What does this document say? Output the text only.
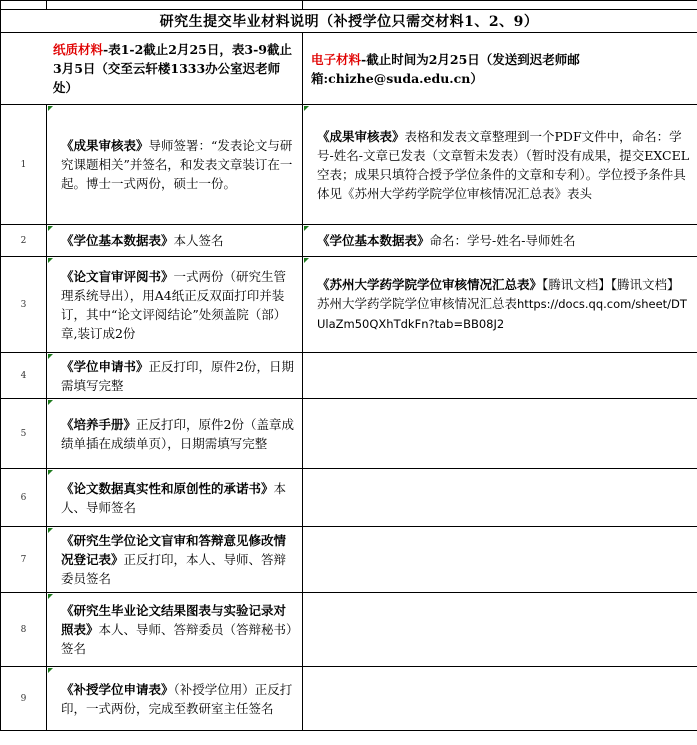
研究生提交毕业材料说明（补授学位只需交材料1、2、9）		
纸质材料-表1-2截止2月25日，表3-9截止3月5日（交至云轩楼1333办公室迟老师处）		电子材料-截止时间为2月25日（发送到迟老师邮箱:chizhe@suda.edu.cn）
1	《成果审核表》导师签署：“发表论文与研究课题相关”并签名，和发表文章装订在一起。博士一式两份，硕士一份。	《成果审核表》表格和发表文章整理到一个PDF文件中，命名：学号-姓名-文章已发表（文章暂未发表）（暂时没有成果，提交EXCEL空表；成果只填符合授予学位条件的文章和专利）。学位授予条件具体见《苏州大学药学院学位审核情况汇总表》表头
2	《学位基本数据表》本人签名	《学位基本数据表》命名：学号-姓名-导师姓名
3	《论文盲审评阅书》一式两份（研究生管理系统导出），用A4纸正反双面打印并装订，其中“论文评阅结论”处须盖院（部）章,装订成2份	《苏州大学药学院学位审核情况汇总表》【腾讯文档】【腾讯文档】苏州大学药学院学位审核情况汇总表https://docs.qq.com/sheet/DTUlaZm50QXhTdkFn?tab=BB08J2
4	《学位申请书》正反打印，原件2份，日期需填写完整	
5	《培养手册》正反打印，原件2份（盖章成绩单插在成绩单页），日期需填写完整	
6	《论文数据真实性和原创性的承诺书》本人、导师签名	
7	《研究生学位论文盲审和答辩意见修改情况登记表》正反打印，本人、导师、答辩委员签名	
8	《研究生毕业论文结果图表与实验记录对照表》本人、导师、答辩委员（答辩秘书）签名	
9	《补授学位申请表》（补授学位用）正反打印，一式两份，完成至教研室主任签名	
